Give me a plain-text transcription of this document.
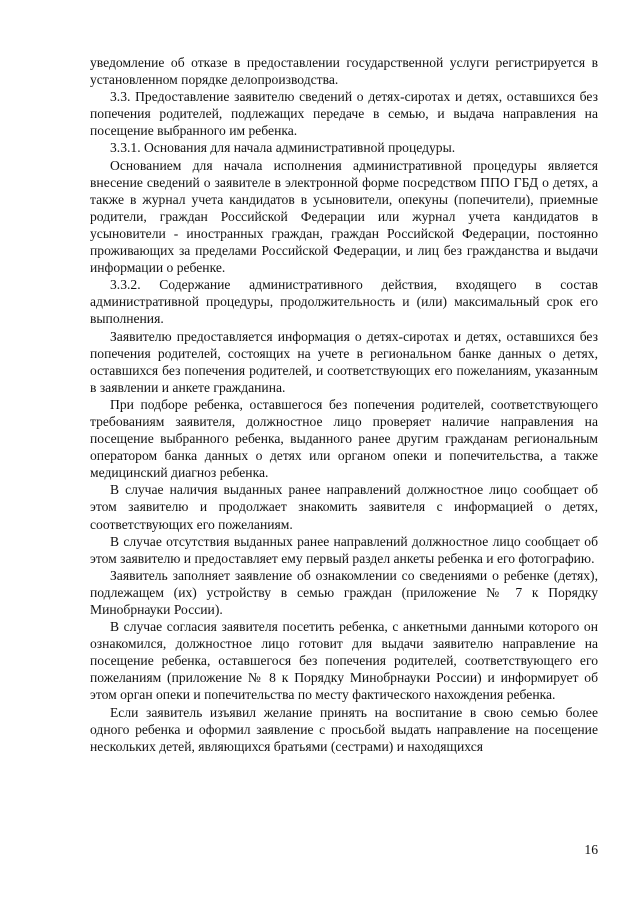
уведомление об отказе в предоставлении государственной услуги регистрируется в установленном порядке делопроизводства.

3.3. Предоставление заявителю сведений о детях-сиротах и детях, оставшихся без попечения родителей, подлежащих передаче в семью, и выдача направления на посещение выбранного им ребенка.

3.3.1. Основания для начала административной процедуры.

Основанием для начала исполнения административной процедуры является внесение сведений о заявителе в электронной форме посредством ППО ГБД о детях, а также в журнал учета кандидатов в усыновители, опекуны (попечители), приемные родители, граждан Российской Федерации или журнал учета кандидатов в усыновители - иностранных граждан, граждан Российской Федерации, постоянно проживающих за пределами Российской Федерации, и лиц без гражданства и выдачи информации о ребенке.

3.3.2. Содержание административного действия, входящего в состав административной процедуры, продолжительность и (или) максимальный срок его выполнения.

Заявителю предоставляется информация о детях-сиротах и детях, оставшихся без попечения родителей, состоящих на учете в региональном банке данных о детях, оставшихся без попечения родителей, и соответствующих его пожеланиям, указанным в заявлении и анкете гражданина.

При подборе ребенка, оставшегося без попечения родителей, соответствующего требованиям заявителя, должностное лицо проверяет наличие направления на посещение выбранного ребенка, выданного ранее другим гражданам региональным оператором банка данных о детях или органом опеки и попечительства, а также медицинский диагноз ребенка.

В случае наличия выданных ранее направлений должностное лицо сообщает об этом заявителю и продолжает знакомить заявителя с информацией о детях, соответствующих его пожеланиям.

В случае отсутствия выданных ранее направлений должностное лицо сообщает об этом заявителю и предоставляет ему первый раздел анкеты ребенка и его фотографию.

Заявитель заполняет заявление об ознакомлении со сведениями о ребенке (детях), подлежащем (их) устройству в семью граждан (приложение № 7 к Порядку Минобрнауки России).

В случае согласия заявителя посетить ребенка, с анкетными данными которого он ознакомился, должностное лицо готовит для выдачи заявителю направление на посещение ребенка, оставшегося без попечения родителей, соответствующего его пожеланиям (приложение № 8 к Порядку Минобрнауки России) и информирует об этом орган опеки и попечительства по месту фактического нахождения ребенка.

Если заявитель изъявил желание принять на воспитание в свою семью более одного ребенка и оформил заявление с просьбой выдать направление на посещение нескольких детей, являющихся братьями (сестрами) и находящихся

16
